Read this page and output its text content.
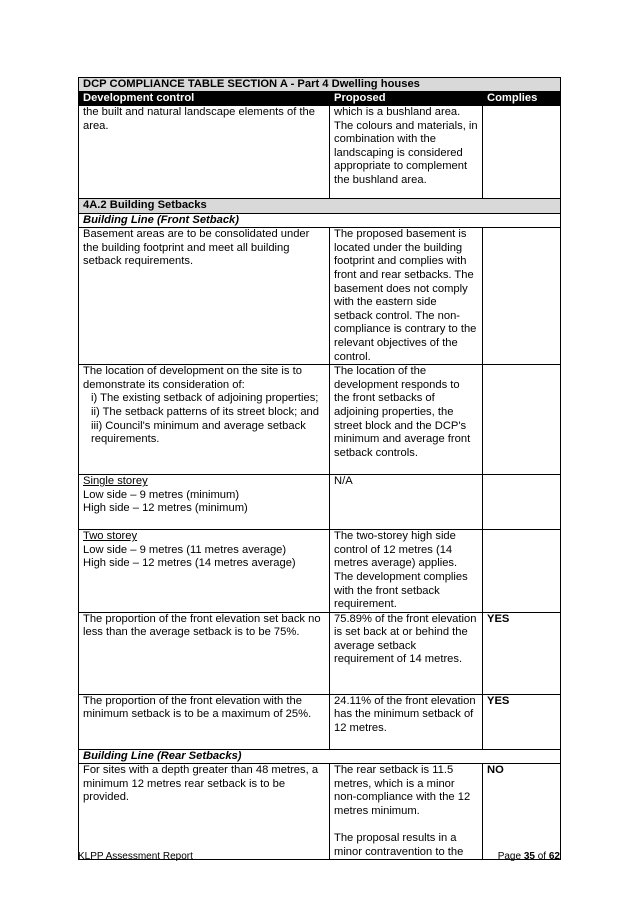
DCP COMPLIANCE TABLE SECTION A - Part 4 Dwelling houses		
Development control	Proposed	Complies
the built and natural landscape elements of the area.	which is a bushland area. The colours and materials, in combination with the landscaping is considered appropriate to complement the bushland area.	
4A.2 Building Setbacks		
Building Line (Front Setback)		
Basement areas are to be consolidated under the building footprint and meet all building setback requirements.	The proposed basement is located under the building footprint and complies with front and rear setbacks. The basement does not comply with the eastern side setback control. The non-compliance is contrary to the relevant objectives of the control.	
The location of development on the site is to demonstrate its consideration of:
i) The existing setback of adjoining properties;
ii) The setback patterns of its street block; and
iii) Council's minimum and average setback requirements.	The location of the development responds to the front setbacks of adjoining properties, the street block and the DCP's minimum and average front setback controls.	
Single storey
Low side – 9 metres (minimum)
High side – 12 metres (minimum)	N/A	
Two storey
Low side – 9 metres (11 metres average)
High side – 12 metres (14 metres average)	The two-storey high side control of 12 metres (14 metres average) applies. The development complies with the front setback requirement.	
The proportion of the front elevation set back no less than the average setback is to be 75%.	75.89% of the front elevation is set back at or behind the average setback requirement of 14 metres.	YES
The proportion of the front elevation with the minimum setback is to be a maximum of 25%.	24.11% of the front elevation has the minimum setback of 12 metres.	YES
Building Line (Rear Setbacks)		
For sites with a depth greater than 48 metres, a minimum 12 metres rear setback is to be provided.	The rear setback is 11.5 metres, which is a minor non-compliance with the 12 metres minimum.

The proposal results in a minor contravention to the	NO
KLPP Assessment Report	Page 35 of 62
